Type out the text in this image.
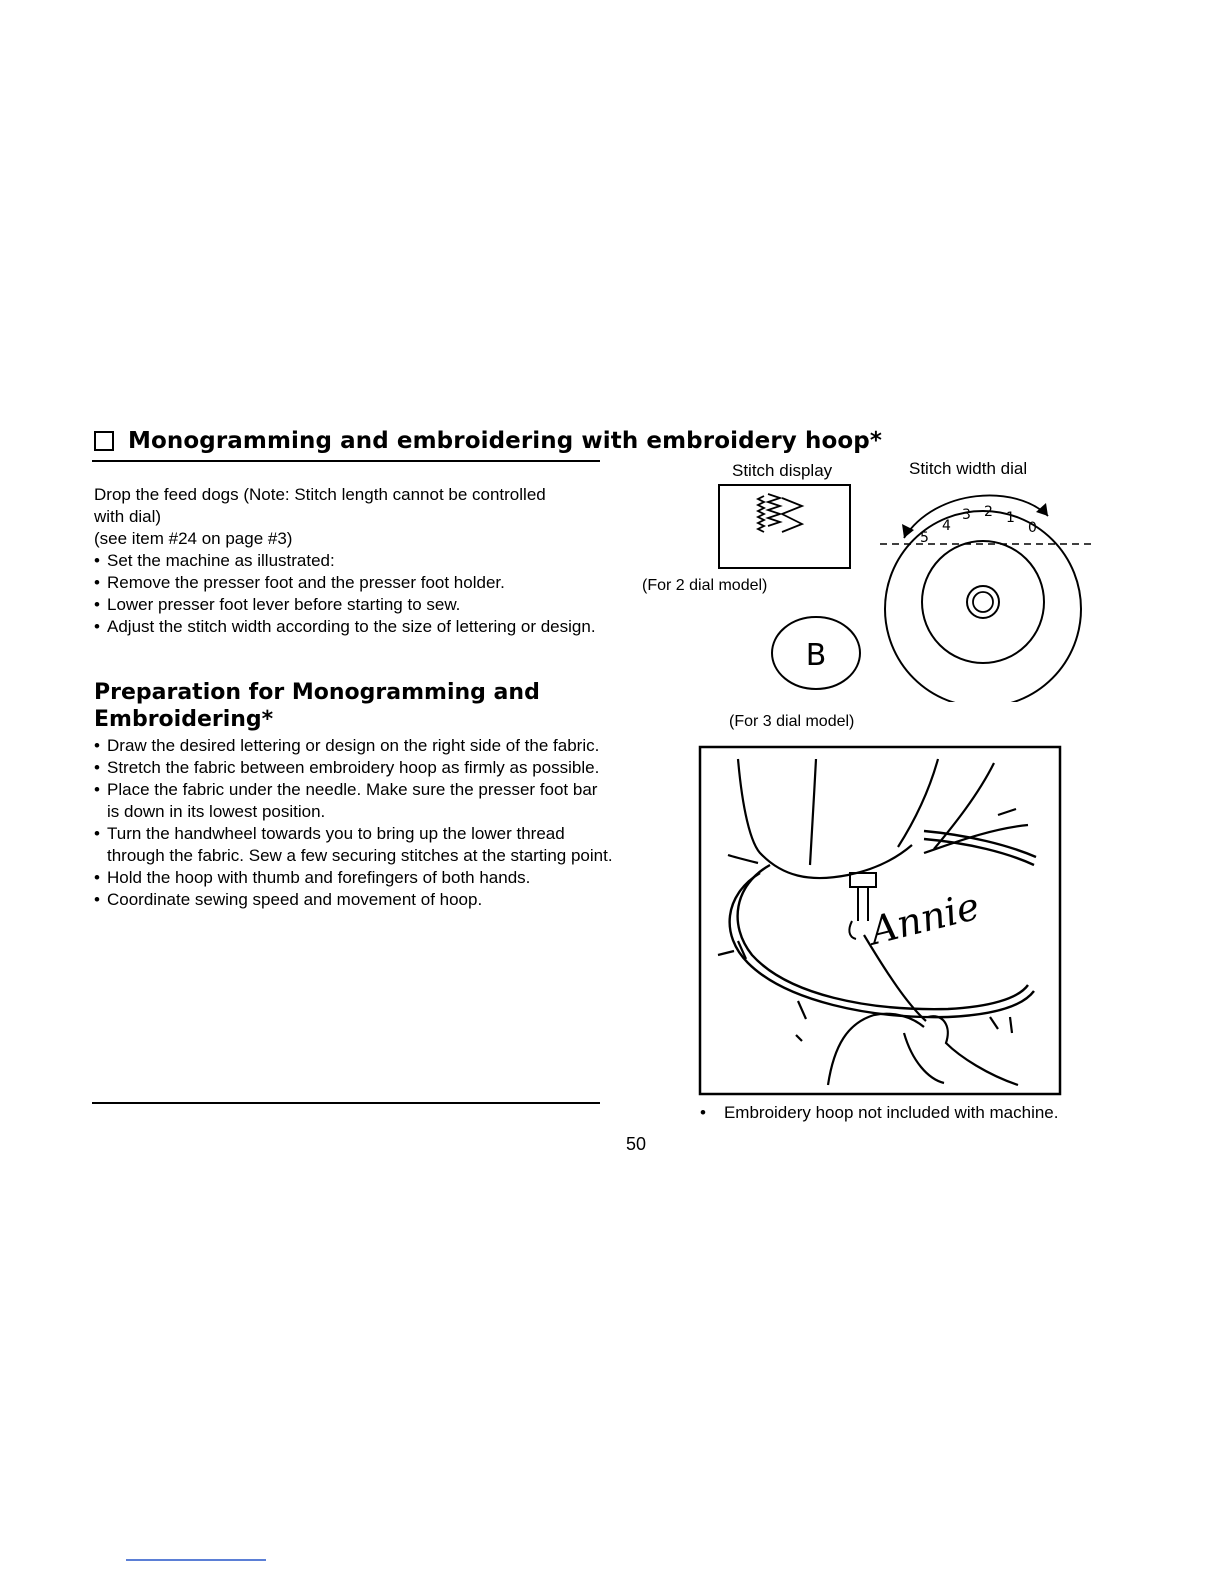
Monogramming and embroidering with embroidery hoop*

Drop the feed dogs (Note: Stitch length cannot be controlled

with dial)

(see item #24 on page #3)

• Set the machine as illustrated:
• Remove the presser foot and the presser foot holder.
• Lower presser foot lever before starting to sew.
• Adjust the stitch width according to the size of lettering or design.
Preparation for Monogramming and Embroidering*
• Draw the desired lettering or design on the right side of the fabric.
• Stretch the fabric between embroidery hoop as firmly as possible.
• Place the fabric under the needle. Make sure the presser foot bar is down in its lowest position.
• Turn the handwheel towards you to bring up the lower thread through the fabric. Sew a few securing stitches at the starting point.
• Hold the hoop with thumb and forefingers of both hands.
• Coordinate sewing speed and movement of hoop.
Stitch display	Stitch width dial
(For 2 dial model)
(For 3 dial model)
B
5
4
3 2 1
0
Annie
• Embroidery hoop not included with machine.
50
